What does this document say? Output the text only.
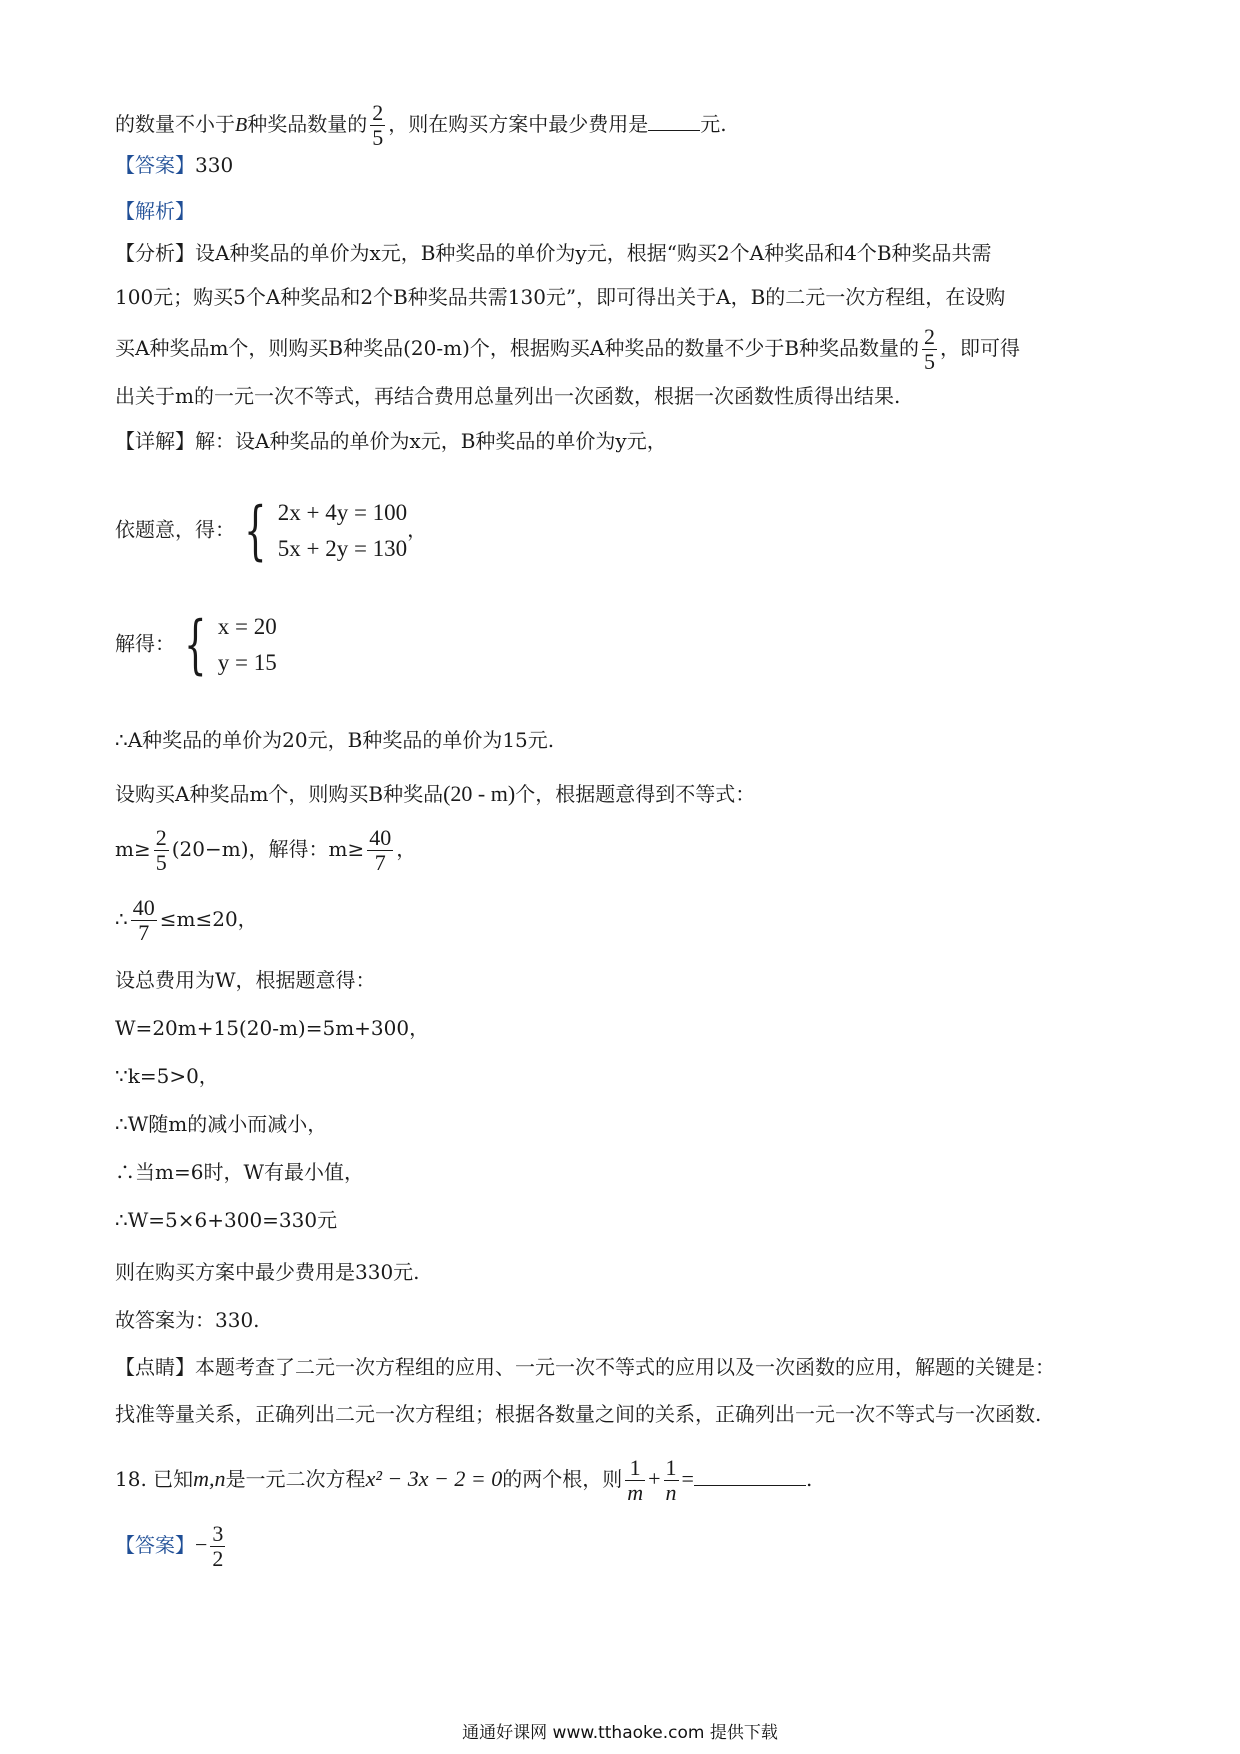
的数量不小于B种奖品数量的 $\frac{2}{5}$ ，则在购买方案中最少费用是	元.
【答案】330
【解析】
【分析】设A种奖品的单价为x元，B种奖品的单价为y元，根据“购买2个A种奖品和4个B种奖品共需
100元；购买5个A种奖品和2个B种奖品共需130元”，即可得出关于A，B的二元一次方程组，在设购
买A种奖品m个，则购买B种奖品(20-m)个，根据购买A种奖品的数量不少于B种奖品数量的 $\frac{2}{5}$ ，即可得
出关于m的一元一次不等式，再结合费用总量列出一次函数，根据一次函数性质得出结果.
【详解】解：设A种奖品的单价为x元，B种奖品的单价为y元，
依题意，得： { 2x + 4y = 100
5x + 2y = 130
，
解得： { x = 20
y = 15
∴A种奖品的单价为20元，B种奖品的单价为15元.
设购买A种奖品m个，则购买B种奖品(20 - m)个，根据题意得到不等式：
$m\ge \frac{2}{5} (20-m)$，解得：$m\ge \frac{40}{7}$ ，
∴ $\frac{40}{7} \le m\le 20$，
设总费用为W，根据题意得：
W=20m+15(20-m)=5m+300，
∵k=5>0，
∴W随m的减小而减小，
∴当m=6时，W有最小值，
∴W=5×6+300=330元
则在购买方案中最少费用是330元.
故答案为：330.
【点睛】本题考查了二元一次方程组的应用、一元一次不等式的应用以及一次函数的应用，解题的关键是：
找准等量关系，正确列出二元一次方程组；根据各数量之间的关系，正确列出一元一次不等式与一次函数.
18. 已知m,n是一元二次方程x² − 3x − 2 = 0的两个根，则 $\frac{1}{m} + \frac{1}{n}$ =	.
【答案】− $\frac{3}{2}$
通通好课网 www.tthaoke.com 提供下载
